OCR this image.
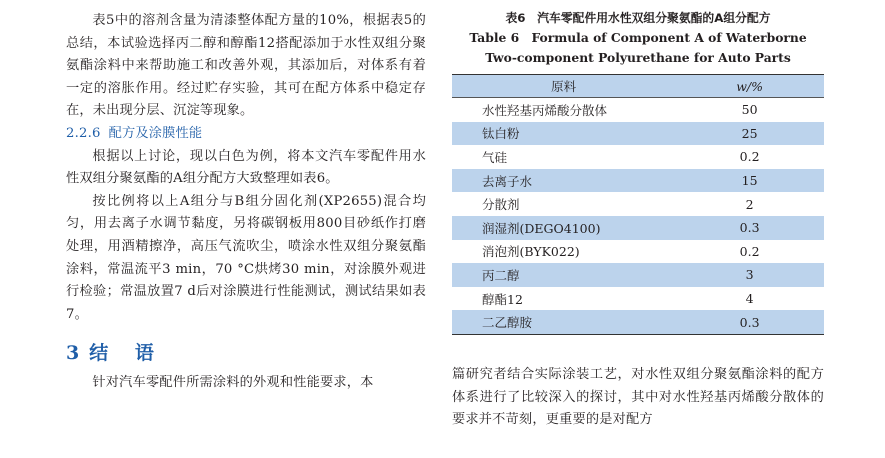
表5中的溶剂含量为清漆整体配方量的10%，根据表5的总结，本试验选择丙二醇和醇酯12搭配添加于水性双组分聚氨酯涂料中来帮助施工和改善外观，其添加后，对体系有着一定的溶胀作用。经过贮存实验，其可在配方体系中稳定存在，未出现分层、沉淀等现象。

2.2.6 配方及涂膜性能

根据以上讨论，现以白色为例，将本文汽车零配件用水性双组分聚氨酯的A组分配方大致整理如表6。

按比例将以上A组分与B组分固化剂(XP2655)混合均匀，用去离子水调节黏度，另将碳钢板用800目砂纸作打磨处理，用酒精擦净，高压气流吹尘，喷涂水性双组分聚氨酯涂料，常温流平3 min，70 °C烘烤30 min，对涂膜外观进行检验；常温放置7 d后对涂膜进行性能测试，测试结果如表7。

3 结 语

针对汽车零配件所需涂料的外观和性能要求，本

表6　汽车零配件用水性双组分聚氨酯的A组分配方

Table 6　Formula of Component A of Waterborne

Two-component Polyurethane for Auto Parts

原料	w/%
水性羟基丙烯酸分散体	50
钛白粉	25
气硅	0.2
去离子水	15
分散剂	2
润湿剂(DEGO4100)	0.3
消泡剂(BYK022)	0.2
丙二醇	3
醇酯12	4
二乙醇胺	0.3

篇研究者结合实际涂装工艺，对水性双组分聚氨酯涂料的配方体系进行了比较深入的探讨，其中对水性羟基丙烯酸分散体的要求并不苛刻，更重要的是对配方
